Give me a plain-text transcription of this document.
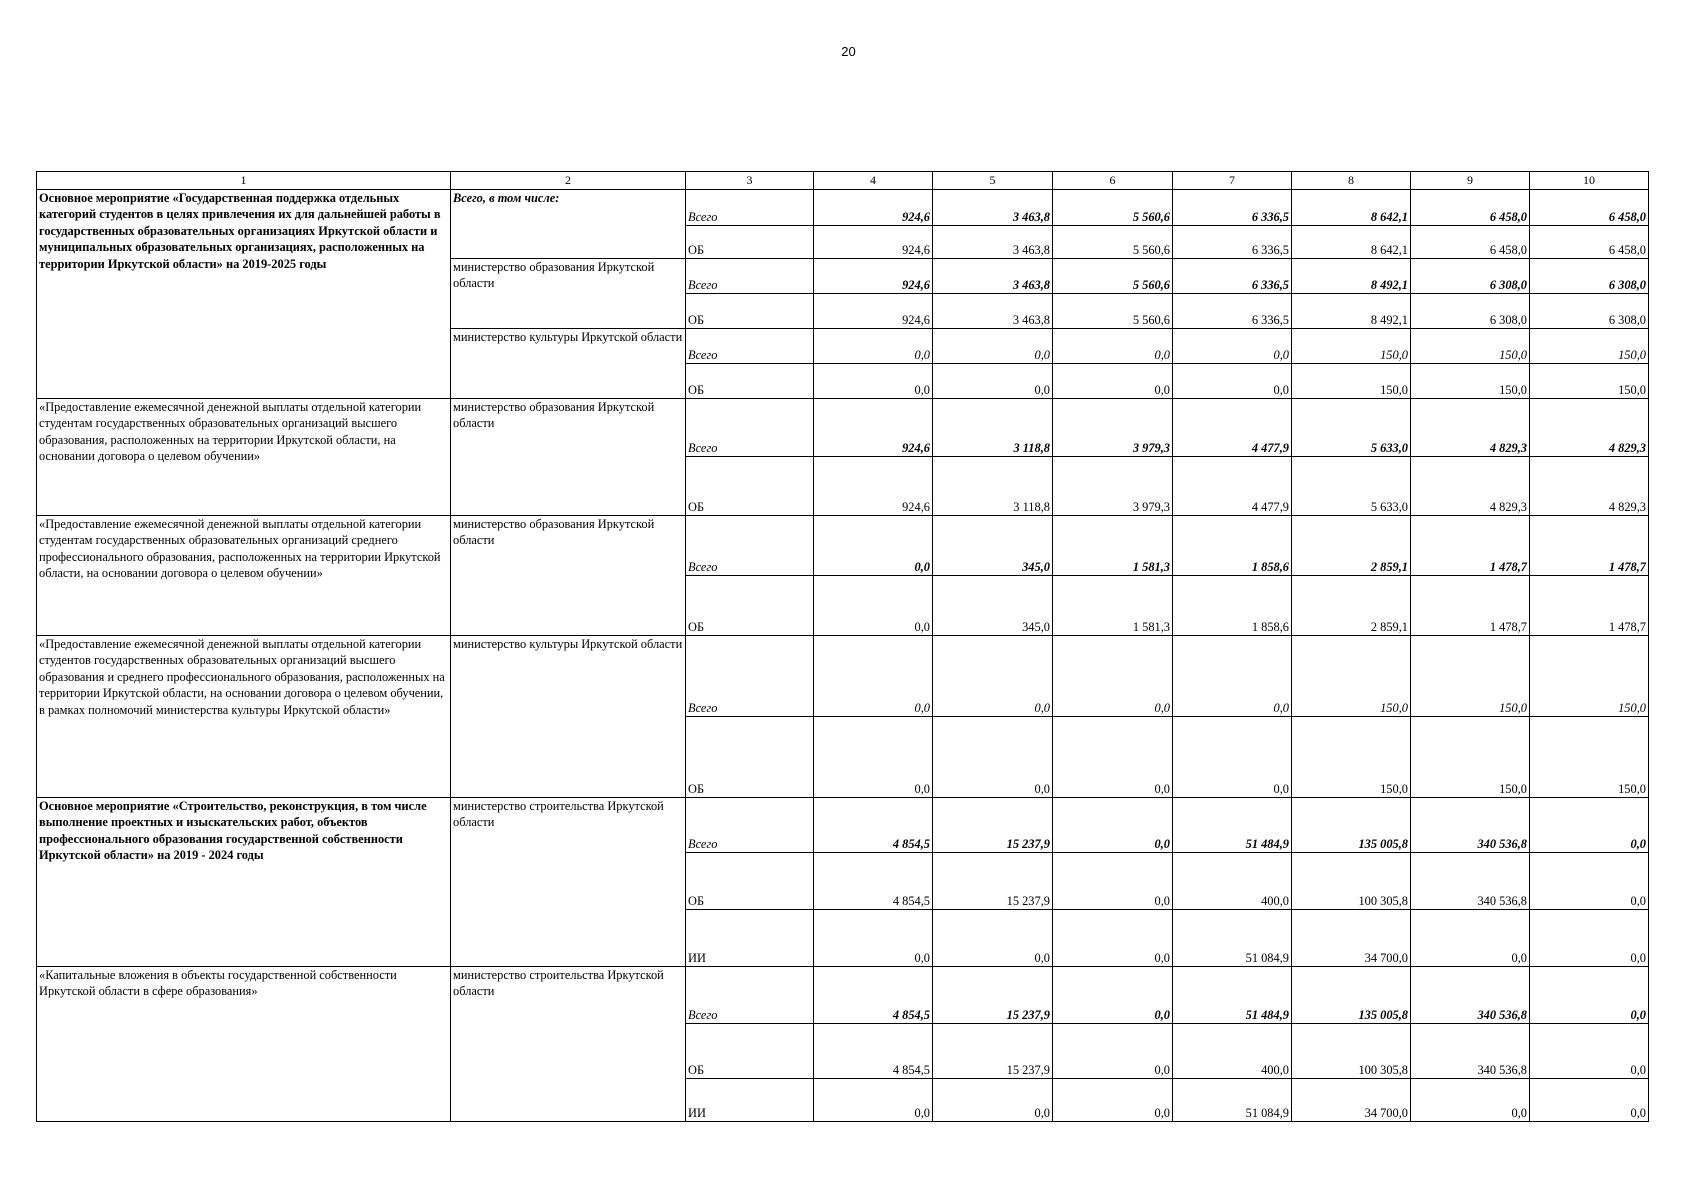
20
1	2	3	4	5	6	7	8	9	10
Основное мероприятие «Государственная поддержка отдельных категорий студентов в целях привлечения их для дальнейшей работы в государственных образовательных организациях Иркутской области и муниципальных образовательных организациях, расположенных на территории Иркутской области» на 2019-2025 годы	Всего, в том числе:	Всего	924,6	3 463,8	5 560,6	6 336,5	8 642,1	6 458,0	6 458,0
		ОБ	924,6	3 463,8	5 560,6	6 336,5	8 642,1	6 458,0	6 458,0
	министерство образования Иркутской области	Всего	924,6	3 463,8	5 560,6	6 336,5	8 492,1	6 308,0	6 308,0
		ОБ	924,6	3 463,8	5 560,6	6 336,5	8 492,1	6 308,0	6 308,0
	министерство культуры Иркутской области	Всего	0,0	0,0	0,0	0,0	150,0	150,0	150,0
		ОБ	0,0	0,0	0,0	0,0	150,0	150,0	150,0
«Предоставление ежемесячной денежной выплаты отдельной категории студентам государственных образовательных организаций высшего образования, расположенных на территории Иркутской области, на основании договора о целевом обучении»	министерство образования Иркутской области	Всего	924,6	3 118,8	3 979,3	4 477,9	5 633,0	4 829,3	4 829,3
		ОБ	924,6	3 118,8	3 979,3	4 477,9	5 633,0	4 829,3	4 829,3
«Предоставление ежемесячной денежной выплаты отдельной категории студентам государственных образовательных организаций среднего профессионального образования, расположенных на территории Иркутской области, на основании договора о целевом обучении»	министерство образования Иркутской области	Всего	0,0	345,0	1 581,3	1 858,6	2 859,1	1 478,7	1 478,7
		ОБ	0,0	345,0	1 581,3	1 858,6	2 859,1	1 478,7	1 478,7
«Предоставление ежемесячной денежной выплаты отдельной категории студентов государственных образовательных организаций высшего образования и среднего профессионального образования, расположенных на территории Иркутской области, на основании договора о целевом обучении, в рамках полномочий министерства культуры Иркутской области»	министерство культуры Иркутской области	Всего	0,0	0,0	0,0	0,0	150,0	150,0	150,0
		ОБ	0,0	0,0	0,0	0,0	150,0	150,0	150,0
Основное мероприятие «Строительство, реконструкция, в том числе выполнение проектных и изыскательских работ, объектов профессионального образования государственной собственности Иркутской области» на 2019 - 2024 годы	министерство строительства Иркутской области	Всего	4 854,5	15 237,9	0,0	51 484,9	135 005,8	340 536,8	0,0
		ОБ	4 854,5	15 237,9	0,0	400,0	100 305,8	340 536,8	0,0
		ИИ	0,0	0,0	0,0	51 084,9	34 700,0	0,0	0,0
«Капитальные вложения в объекты государственной собственности Иркутской области в сфере образования»	министерство строительства Иркутской области	Всего	4 854,5	15 237,9	0,0	51 484,9	135 005,8	340 536,8	0,0
		ОБ	4 854,5	15 237,9	0,0	400,0	100 305,8	340 536,8	0,0
		ИИ	0,0	0,0	0,0	51 084,9	34 700,0	0,0	0,0
